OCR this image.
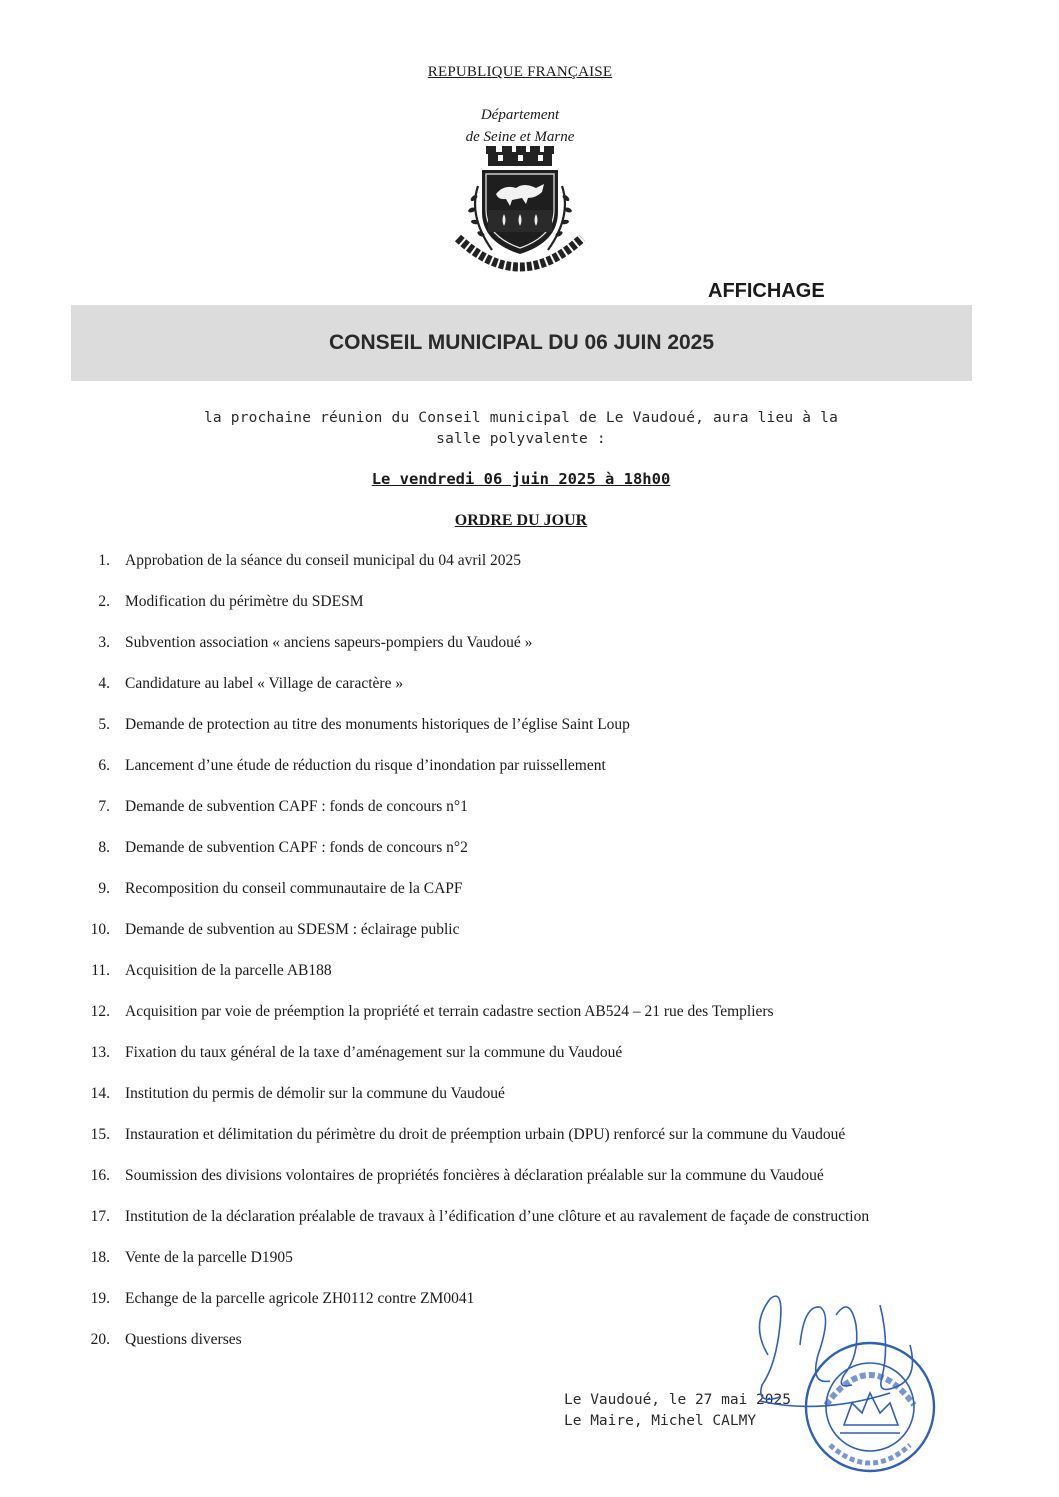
REPUBLIQUE FRANÇAISE
Département
de Seine et Marne
AFFICHAGE
CONSEIL MUNICIPAL DU 06 JUIN 2025
la prochaine réunion du Conseil municipal de Le Vaudoué, aura lieu à la
salle polyvalente :
Le vendredi 06 juin 2025 à 18h00
ORDRE DU JOUR
1. Approbation de la séance du conseil municipal du 04 avril 2025
2. Modification du périmètre du SDESM
3. Subvention association « anciens sapeurs-pompiers du Vaudoué »
4. Candidature au label « Village de caractère »
5. Demande de protection au titre des monuments historiques de l’église Saint Loup
6. Lancement d’une étude de réduction du risque d’inondation par ruissellement
7. Demande de subvention CAPF : fonds de concours n°1
8. Demande de subvention CAPF : fonds de concours n°2
9. Recomposition du conseil communautaire de la CAPF
10. Demande de subvention au SDESM : éclairage public
11. Acquisition de la parcelle AB188
12. Acquisition par voie de préemption la propriété et terrain cadastre section AB524 – 21 rue des Templiers
13. Fixation du taux général de la taxe d’aménagement sur la commune du Vaudoué
14. Institution du permis de démolir sur la commune du Vaudoué
15. Instauration et délimitation du périmètre du droit de préemption urbain (DPU) renforcé sur la commune du Vaudoué
16. Soumission des divisions volontaires de propriétés foncières à déclaration préalable sur la commune du Vaudoué
17. Institution de la déclaration préalable de travaux à l’édification d’une clôture et au ravalement de façade de construction
18. Vente de la parcelle D1905
19. Echange de la parcelle agricole ZH0112 contre ZM0041
20. Questions diverses
Le Vaudoué, le 27 mai 2025
Le Maire, Michel CALMY
